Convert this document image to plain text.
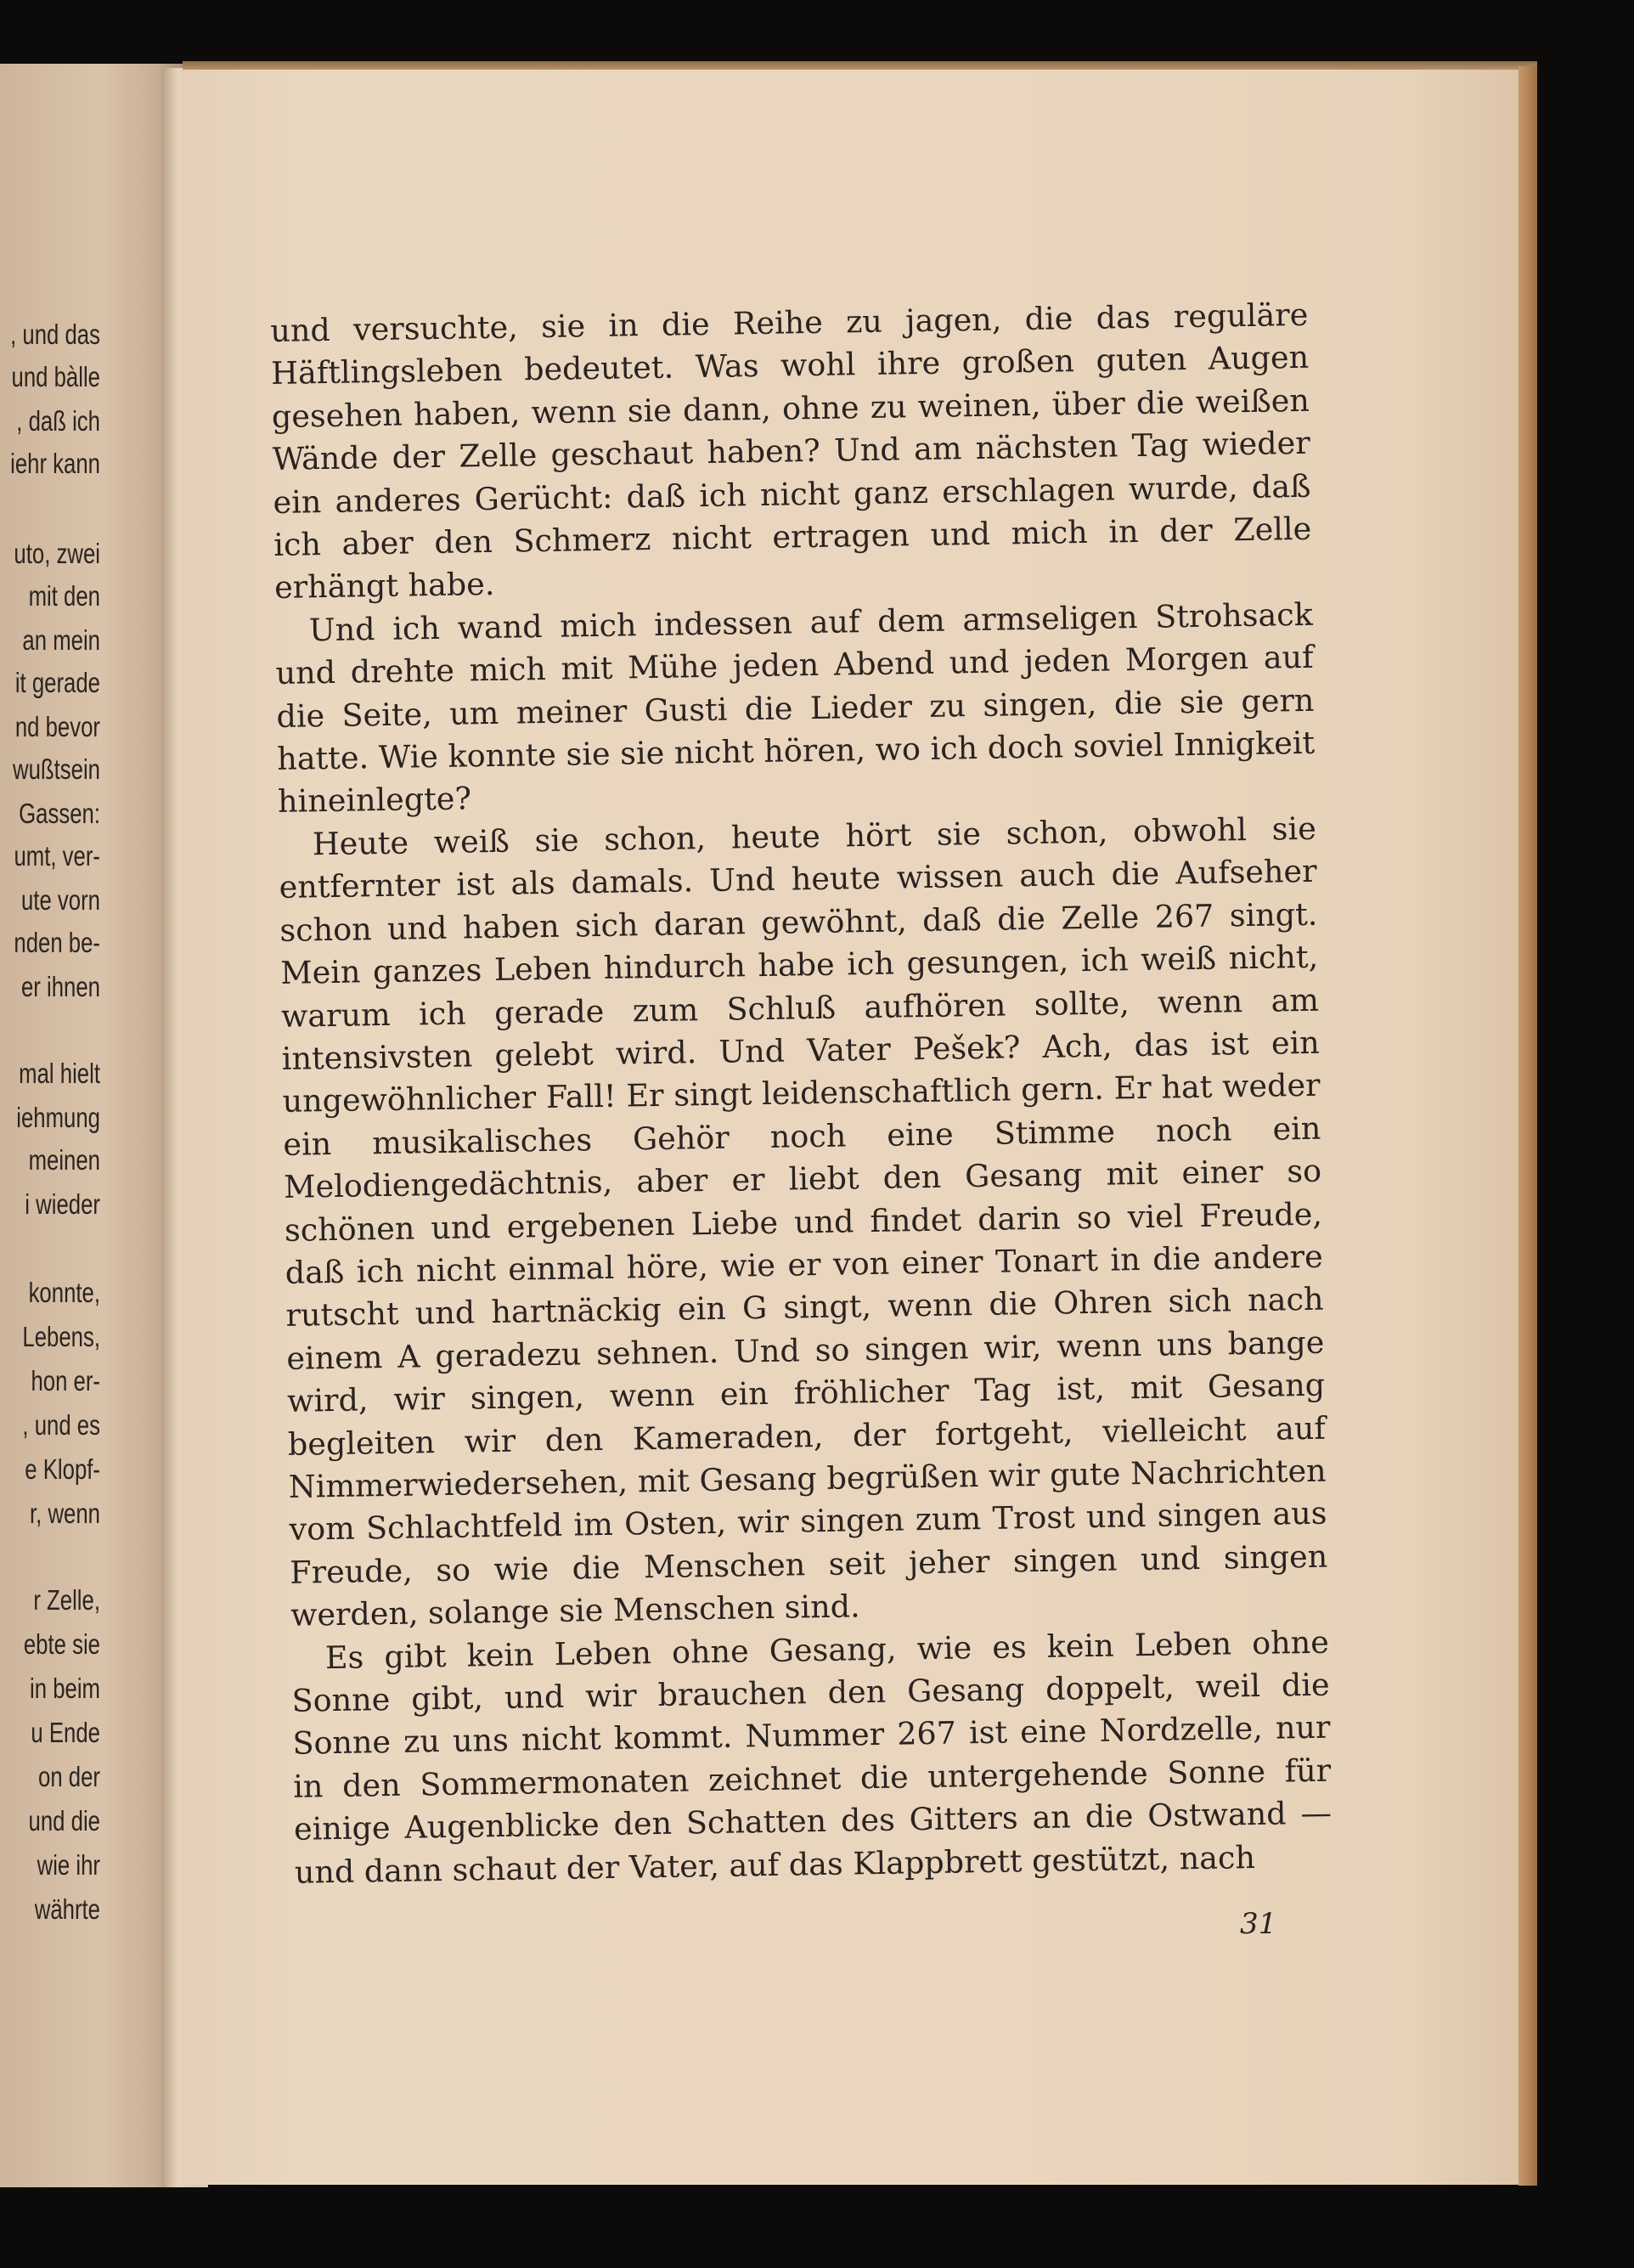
, und das
und bàlle
, daß ich
iehr kann
uto, zwei
mit den
an mein
it gerade
nd bevor
wußtsein
Gassen:
umt, ver-
ute vorn
nden be-
er ihnen
mal hielt
iehmung
meinen
i wieder
konnte,
Lebens,
hon er-
, und es
e Klopf-
r, wenn
r Zelle,
ebte sie
in beim
u Ende
on der
und die
wie ihr
währte

und versuchte, sie in die Reihe zu jagen, die das reguläre Häftlingsleben bedeutet. Was wohl ihre großen guten Augen gesehen haben, wenn sie dann, ohne zu weinen, über die weißen Wände der Zelle geschaut haben? Und am nächsten Tag wieder ein anderes Gerücht: daß ich nicht ganz erschlagen wurde, daß ich aber den Schmerz nicht ertragen und mich in der Zelle erhängt habe.

Und ich wand mich indessen auf dem armseligen Strohsack und drehte mich mit Mühe jeden Abend und jeden Morgen auf die Seite, um meiner Gusti die Lieder zu singen, die sie gern hatte. Wie konnte sie sie nicht hören, wo ich doch soviel Innigkeit hineinlegte?

Heute weiß sie schon, heute hört sie schon, obwohl sie entfernter ist als damals. Und heute wissen auch die Aufseher schon und haben sich daran gewöhnt, daß die Zelle 267 singt. Mein ganzes Leben hindurch habe ich gesungen, ich weiß nicht, warum ich gerade zum Schluß aufhören sollte, wenn am intensivsten gelebt wird. Und Vater Pešek? Ach, das ist ein ungewöhnlicher Fall! Er singt leidenschaftlich gern. Er hat weder ein musikalisches Gehör noch eine Stimme noch ein Melodiengedächtnis, aber er liebt den Gesang mit einer so schönen und ergebenen Liebe und findet darin so viel Freude, daß ich nicht einmal höre, wie er von einer Tonart in die andere rutscht und hartnäckig ein G singt, wenn die Ohren sich nach einem A geradezu sehnen. Und so singen wir, wenn uns bange wird, wir singen, wenn ein fröhlicher Tag ist, mit Gesang begleiten wir den Kameraden, der fortgeht, vielleicht auf Nimmerwiedersehen, mit Gesang begrüßen wir gute Nachrichten vom Schlachtfeld im Osten, wir singen zum Trost und singen aus Freude, so wie die Menschen seit jeher singen und singen werden, solange sie Menschen sind.

Es gibt kein Leben ohne Gesang, wie es kein Leben ohne Sonne gibt, und wir brauchen den Gesang doppelt, weil die Sonne zu uns nicht kommt. Nummer 267 ist eine Nordzelle, nur in den Sommermonaten zeichnet die untergehende Sonne für einige Augenblicke den Schatten des Gitters an die Ostwand — und dann schaut der Vater, auf das Klappbrett gestützt, nach

31
